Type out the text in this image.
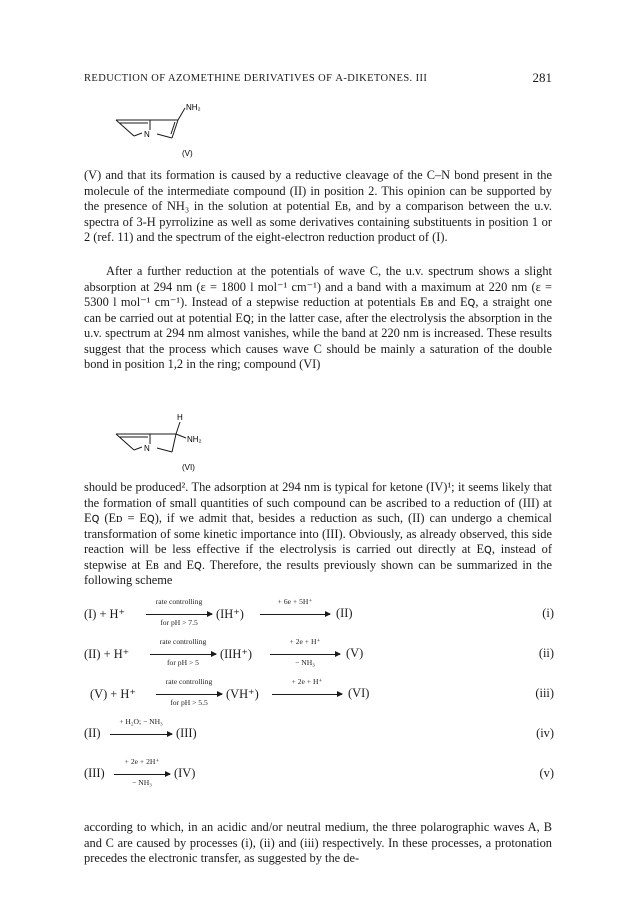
REDUCTION OF AZOMETHINE DERIVATIVES OF Α-DIKETONES. III	281
N
NH₂
(V)

(V) and that its formation is caused by a reductive cleavage of the C–N bond present in the molecule of the intermediate compound (II) in position 2. This opinion can be supported by the presence of NH₃ in the solution at potential Eʙ, and by a comparison between the u.v. spectra of 3-H pyrrolizine as well as some derivatives containing substituents in position 1 or 2 (ref. 11) and the spectrum of the eight-electron reduction product of (I).

After a further reduction at the potentials of wave C, the u.v. spectrum shows a slight absorption at 294 nm (ε = 1800 l mol⁻¹ cm⁻¹) and a band with a maximum at 220 nm (ε = 5300 l mol⁻¹ cm⁻¹). Instead of a stepwise reduction at potentials Eʙ and Eꞯ, a straight one can be carried out at potential Eꞯ; in the latter case, after the electrolysis the absorption in the u.v. spectrum at 294 nm almost vanishes, while the band at 220 nm is increased. These results suggest that the process which causes wave C should be mainly a saturation of the double bond in position 1,2 in the ring; compound (VI)

N
H
NH₂
(VI)

should be produced². The adsorption at 294 nm is typical for ketone (IV)¹; it seems likely that the formation of small quantities of such compound can be ascribed to a reduction of (III) at Eꞯ (Eᴅ = Eꞯ), if we admit that, besides a reduction as such, (II) can undergo a chemical transformation of some kinetic importance into (III). Obviously, as already observed, this side reaction will be less effective if the electrolysis is carried out directly at Eꞯ, instead of stepwise at Eʙ and Eꞯ. Therefore, the results previously shown can be summarized in the following scheme

(I) + H⁺
rate controlling
for pH > 7.5
(IH⁺)
+ 6e + 5H⁺
(II)	(i)
(II) + H⁺
rate controlling
for pH > 5
(IIH⁺)
+ 2e + H⁺
− NH₃
(V)	(ii)
(V) + H⁺
rate controlling
for pH > 5.5
(VH⁺)
+ 2e + H⁺
(VI)	(iii)
(II)
+ H₂O; − NH₃
(III)	(iv)
(III)
+ 2e + 2H⁺
− NH₃
(IV)	(v)

according to which, in an acidic and/or neutral medium, the three polarographic waves A, B and C are caused by processes (i), (ii) and (iii) respectively. In these processes, a protonation precedes the electronic transfer, as suggested by the de-
